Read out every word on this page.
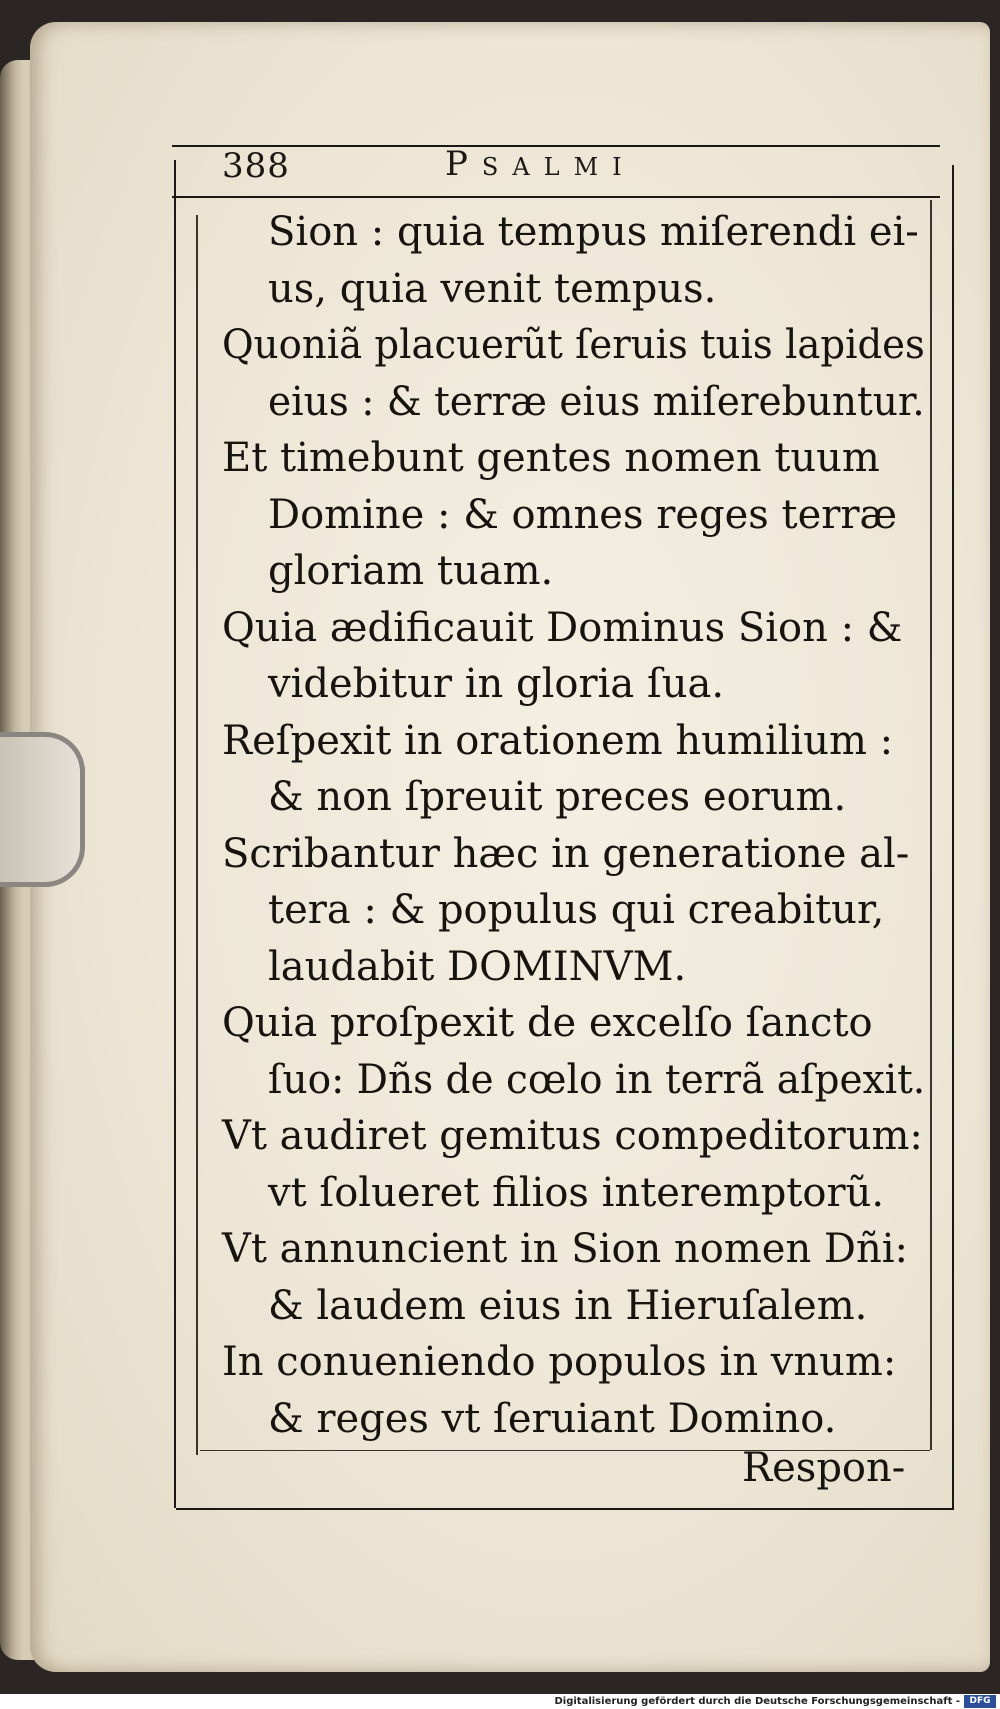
388	Psalmi
Sion : quia tempus miſerendi ei-
us, quia venit tempus.
Quoniã placuerũt ſeruis tuis lapides
eius : & terræ eius miſerebuntur.
Et timebunt gentes nomen tuum
Domine : & omnes reges terræ
gloriam tuam.
Quia ædificauit Dominus Sion : &
videbitur in gloria ſua.
Reſpexit in orationem humilium :
& non ſpreuit preces eorum.
Scribantur hæc in generatione al-
tera : & populus qui creabitur,
laudabit DOMINVM.
Quia proſpexit de excelſo ſancto
ſuo: Dñs de cœlo in terrã aſpexit.
Vt audiret gemitus compeditorum:
vt ſolueret filios interemptorũ.
Vt annuncient in Sion nomen Dñi:
& laudem eius in Hieruſalem.
In conueniendo populos in vnum:
& reges vt ſeruiant Domino.
Respon-
Digitalisierung gefördert durch die Deutsche Forschungsgemeinschaft -	DFG
